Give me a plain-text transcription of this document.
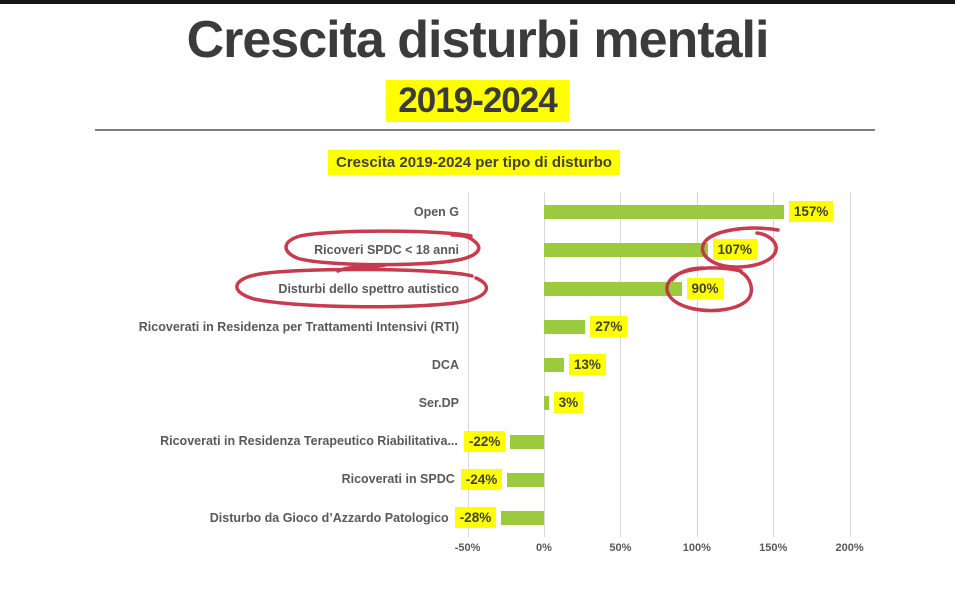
Crescita disturbi mentali
2019-2024
Crescita 2019-2024 per tipo di disturbo
-50%	0%	50%	100%	150%	200%
Open G	157%
Ricoveri SPDC < 18 anni	107%
Disturbi dello spettro autistico	90%
Ricoverati in Residenza per Trattamenti Intensivi (RTI)	27%
DCA	13%
Ser.DP	3%
Ricoverati in Residenza Terapeutico Riabilitativa... -22%
Ricoverati in SPDC -24%
Disturbo da Gioco d’Azzardo Patologico -28%
